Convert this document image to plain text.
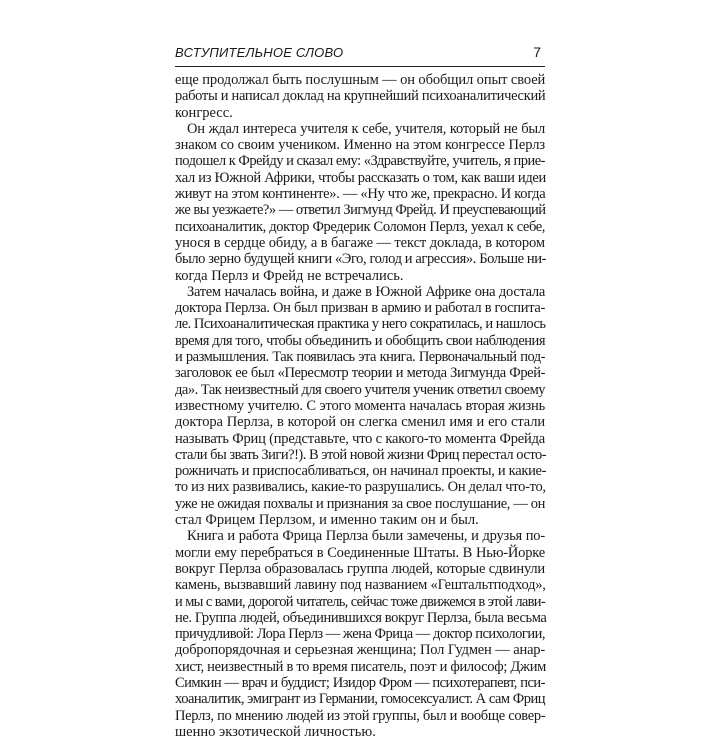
ВСТУПИТЕЛЬНОЕ СЛОВО	7

еще продолжал быть послушным — он обобщил опыт своей
работы и написал доклад на крупнейший психоаналитический
конгресс.

Он ждал интереса учителя к себе, учителя, который не был
знаком со своим учеником. Именно на этом конгрессе Перлз
подошел к Фрейду и сказал ему: «Здравствуйте, учитель, я прие-
хал из Южной Африки, чтобы рассказать о том, как ваши идеи
живут на этом континенте». — «Ну что же, прекрасно. И когда
же вы уезжаете?» — ответил Зигмунд Фрейд. И преуспевающий
психоаналитик, доктор Фредерик Соломон Перлз, уехал к себе,
унося в сердце обиду, а в багаже — текст доклада, в котором
было зерно будущей книги «Эго, голод и агрессия». Больше ни-
когда Перлз и Фрейд не встречались.

Затем началась война, и даже в Южной Африке она достала
доктора Перлза. Он был призван в армию и работал в госпита-
ле. Психоаналитическая практика у него сократилась, и нашлось
время для того, чтобы объединить и обобщить свои наблюдения
и размышления. Так появилась эта книга. Первоначальный под-
заголовок ее был «Пересмотр теории и метода Зигмунда Фрей-
да». Так неизвестный для своего учителя ученик ответил своему
известному учителю. С этого момента началась вторая жизнь
доктора Перлза, в которой он слегка сменил имя и его стали
называть Фриц (представьте, что с какого-то момента Фрейда
стали бы звать Зиги?!). В этой новой жизни Фриц перестал осто-
рожничать и приспосабливаться, он начинал проекты, и какие-
то из них развивались, какие-то разрушались. Он делал что-то,
уже не ожидая похвалы и признания за свое послушание, — он
стал Фрицем Перлзом, и именно таким он и был.

Книга и работа Фрица Перлза были замечены, и друзья по-
могли ему перебраться в Соединенные Штаты. В Нью-Йорке
вокруг Перлза образовалась группа людей, которые сдвинули
камень, вызвавший лавину под названием «Гештальтподход»,
и мы с вами, дорогой читатель, сейчас тоже движемся в этой лави-
не. Группа людей, объединившихся вокруг Перлза, была весьма
причудливой: Лора Перлз — жена Фрица — доктор психологии,
добропорядочная и серьезная женщина; Пол Гудмен — анар-
хист, неизвестный в то время писатель, поэт и философ; Джим
Симкин — врач и буддист; Изидор Фром — психотерапевт, пси-
хоаналитик, эмигрант из Германии, гомосексуалист. А сам Фриц
Перлз, по мнению людей из этой группы, был и вообще совер-
шенно экзотической личностью.
